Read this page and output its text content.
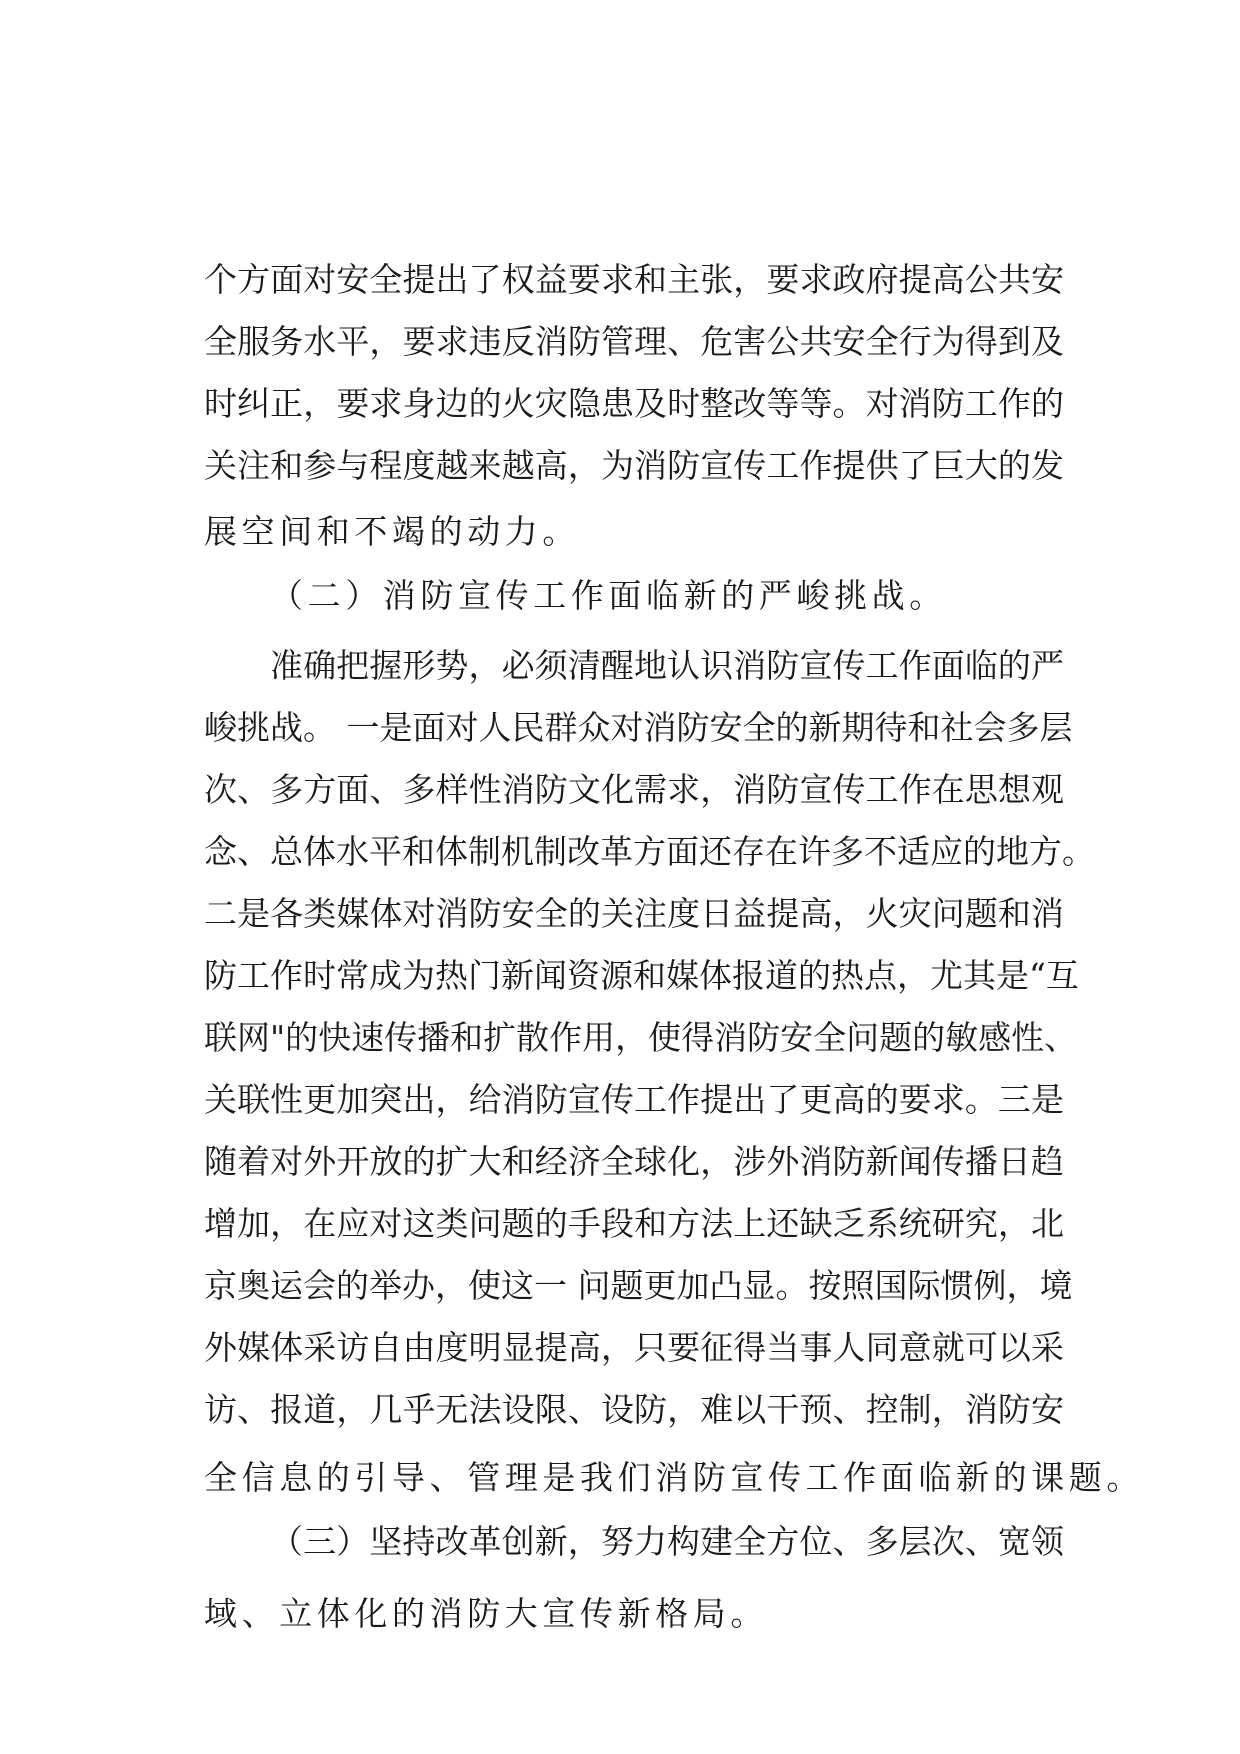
个方面对安全提出了权益要求和主张，要求政府提高公共安
全服务水平，要求违反消防管理、危害公共安全行为得到及
时纠正，要求身边的火灾隐患及时整改等等。对消防工作的
关注和参与程度越来越高，为消防宣传工作提供了巨大的发
展空间和不竭的动力。
（二）消防宣传工作面临新的严峻挑战。
准确把握形势，必须清醒地认识消防宣传工作面临的严
峻挑战。 一是面对人民群众对消防安全的新期待和社会多层
次、多方面、多样性消防文化需求，消防宣传工作在思想观
念、总体水平和体制机制改革方面还存在许多不适应的地方。
二是各类媒体对消防安全的关注度日益提高，火灾问题和消
防工作时常成为热门新闻资源和媒体报道的热点，尤其是“互
联网"的快速传播和扩散作用，使得消防安全问题的敏感性、
关联性更加突出，给消防宣传工作提出了更高的要求。三是
随着对外开放的扩大和经济全球化，涉外消防新闻传播日趋
增加，在应对这类问题的手段和方法上还缺乏系统研究，北
京奥运会的举办，使这一 问题更加凸显。按照国际惯例，境
外媒体采访自由度明显提高，只要征得当事人同意就可以采
访、报道，几乎无法设限、设防，难以干预、控制，消防安
全信息的引导、管理是我们消防宣传工作面临新的课题。
（三）坚持改革创新，努力构建全方位、多层次、宽领
域、立体化的消防大宣传新格局。
